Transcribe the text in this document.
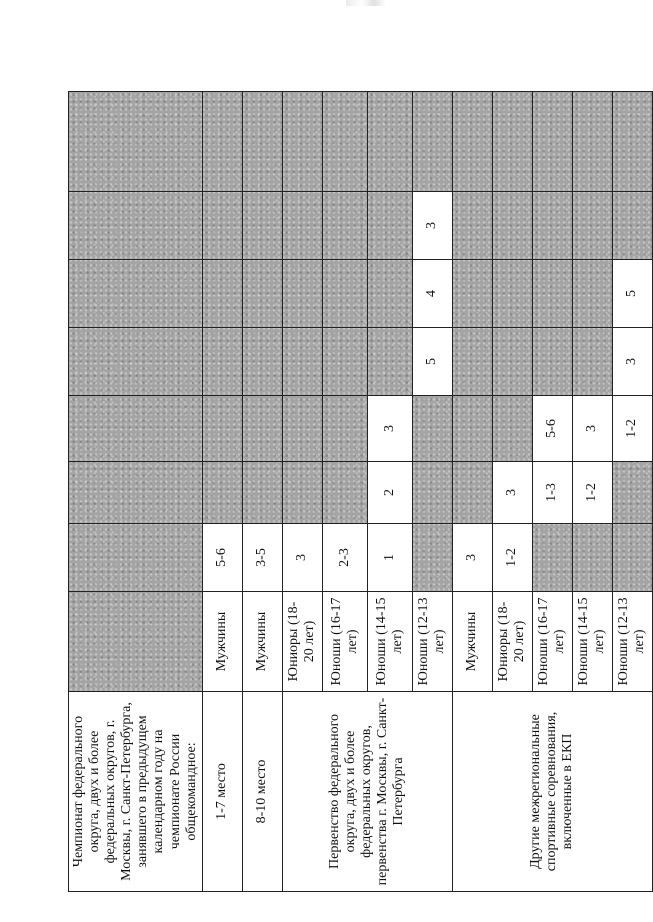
Чемпионат федерального округа, двух и более федеральных округов, г. Москвы, г. Санкт-Петербурга, занявшего в предыдущем календарном году на чемпионате России общекомандное:								
1-7 место	Мужчины	5-6						
8-10 место	Мужчины	3-5						
Первенство федерального округа, двух и более федеральных округов, первенства г. Москвы, г. Санкт-Петербурга	Юниоры (18-20 лет)	3						
	Юноши (16-17 лет)	2-3						
	Юноши (14-15 лет)	1	2	3				
	Юноши (12-13 лет)				5	4	3	
Другие межрегиональные спортивные соревнования, включенные в ЕКП	Мужчины	3						
	Юниоры (18-20 лет)	1-2	3					
	Юноши (16-17 лет)		1-3	5-6				
	Юноши (14-15 лет)		1-2	3				
	Юноши (12-13 лет)			1-2	3	5		
